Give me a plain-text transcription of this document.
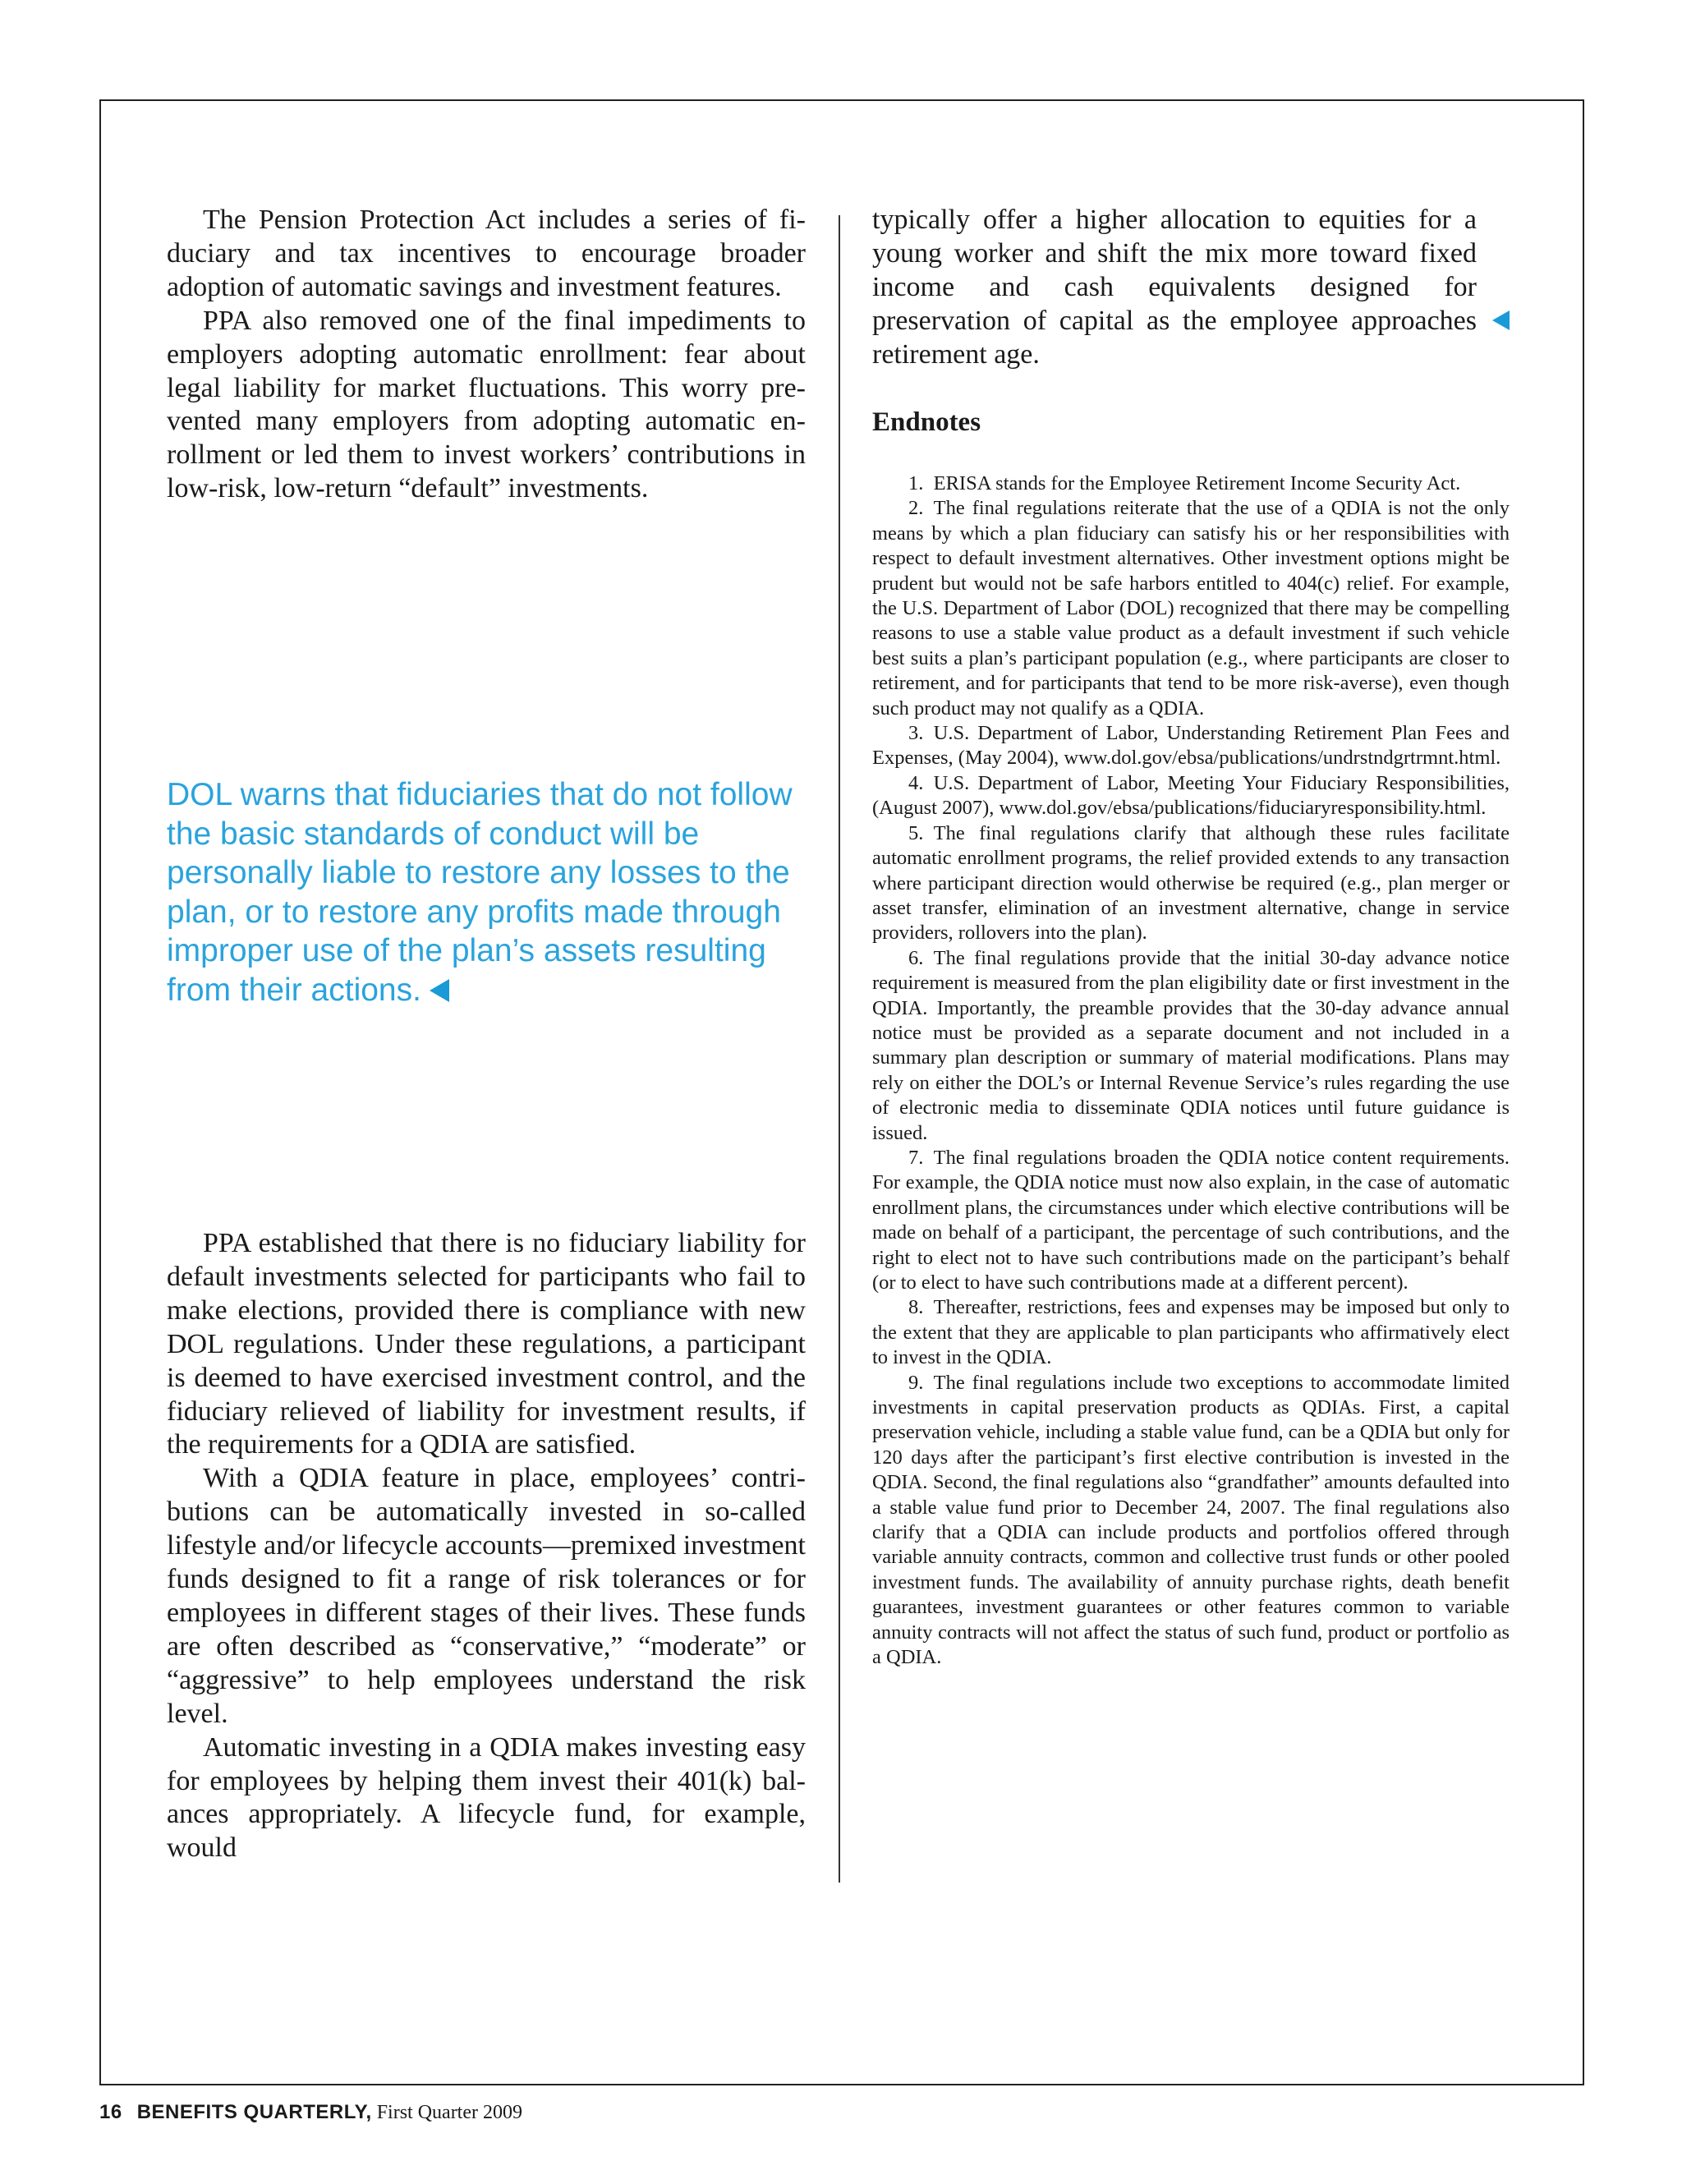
The Pension Protection Act includes a series of fiduciary and tax incentives to encourage broader adoption of automatic savings and investment features.

PPA also removed one of the final impediments to employers adopting automatic enrollment: fear about legal liability for market fluctuations. This worry prevented many employers from adopting automatic enrollment or led them to invest workers’ contributions in low-risk, low-return “default” investments.

DOL warns that fiduciaries that do not follow the basic standards of conduct will be personally liable to restore any losses to the plan, or to restore any profits made through improper use of the plan’s assets resulting from their actions.

PPA established that there is no fiduciary liability for default investments selected for participants who fail to make elections, provided there is compliance with new DOL regulations. Under these regulations, a participant is deemed to have exercised investment control, and the fiduciary relieved of liability for investment results, if the requirements for a QDIA are satisfied.

With a QDIA feature in place, employees’ contributions can be automatically invested in so-called lifestyle and/or lifecycle accounts—premixed investment funds designed to fit a range of risk tolerances or for employees in different stages of their lives. These funds are often described as “conservative,” “moderate” or “aggressive” to help employees understand the risk level.

Automatic investing in a QDIA makes investing easy for employees by helping them invest their 401(k) balances appropriately. A lifecycle fund, for example, would

typically offer a higher allocation to equities for a young worker and shift the mix more toward fixed income and cash equivalents designed for preservation of capital as the employee approaches retirement age.

Endnotes

1. ERISA stands for the Employee Retirement Income Security Act.

2. The final regulations reiterate that the use of a QDIA is not the only means by which a plan fiduciary can satisfy his or her responsibilities with respect to default investment alternatives. Other investment options might be prudent but would not be safe harbors entitled to 404(c) relief. For example, the U.S. Department of Labor (DOL) recognized that there may be compelling reasons to use a stable value product as a default investment if such vehicle best suits a plan’s participant population (e.g., where participants are closer to retirement, and for participants that tend to be more risk-averse), even though such product may not qualify as a QDIA.

3. U.S. Department of Labor, Understanding Retirement Plan Fees and Expenses, (May 2004), www.dol.gov/ebsa/publications/undrstndgrtrmnt.html.

4. U.S. Department of Labor, Meeting Your Fiduciary Responsibilities, (August 2007), www.dol.gov/ebsa/publications/fiduciaryresponsibility.html.

5. The final regulations clarify that although these rules facilitate automatic enrollment programs, the relief provided extends to any transaction where participant direction would otherwise be required (e.g., plan merger or asset transfer, elimination of an investment alternative, change in service providers, rollovers into the plan).

6. The final regulations provide that the initial 30-day advance notice requirement is measured from the plan eligibility date or first investment in the QDIA. Importantly, the preamble provides that the 30-day advance annual notice must be provided as a separate document and not included in a summary plan description or summary of material modifications. Plans may rely on either the DOL’s or Internal Revenue Service’s rules regarding the use of electronic media to disseminate QDIA notices until future guidance is issued.

7. The final regulations broaden the QDIA notice content requirements. For example, the QDIA notice must now also explain, in the case of automatic enrollment plans, the circumstances under which elective contributions will be made on behalf of a participant, the percentage of such contributions, and the right to elect not to have such contributions made on the participant’s behalf (or to elect to have such contributions made at a different percent).

8. Thereafter, restrictions, fees and expenses may be imposed but only to the extent that they are applicable to plan participants who affirmatively elect to invest in the QDIA.

9. The final regulations include two exceptions to accommodate limited investments in capital preservation products as QDIAs. First, a capital preservation vehicle, including a stable value fund, can be a QDIA but only for 120 days after the participant’s first elective contribution is invested in the QDIA. Second, the final regulations also “grandfather” amounts defaulted into a stable value fund prior to December 24, 2007. The final regulations also clarify that a QDIA can include products and portfolios offered through variable annuity contracts, common and collective trust funds or other pooled investment funds. The availability of annuity purchase rights, death benefit guarantees, investment guarantees or other features common to variable annuity contracts will not affect the status of such fund, product or portfolio as a QDIA.

16 BENEFITS QUARTERLY, First Quarter 2009
